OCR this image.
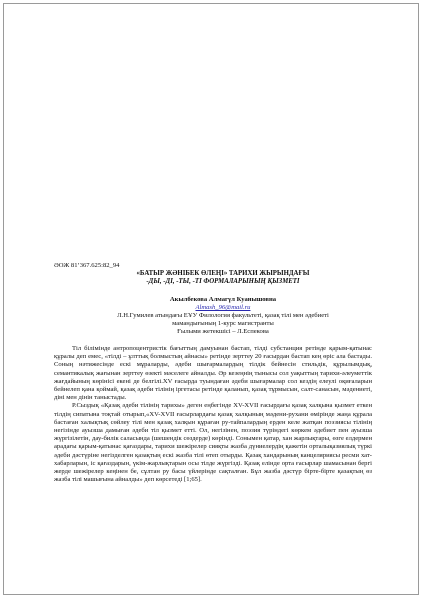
ӘОЖ 81’367.625:82_94
«БАТЫР ЖӘНІБЕК ӨЛЕҢІ» ТАРИХИ ЖЫРЫНДАҒЫ
-ДЫ, -ДІ, -ТЫ, -ТІ ФОРМАЛАРЫНЫҢ ҚЫЗМЕТІ
Акылбекова Алмагүл Куанышовна
Almash_96@mail.ru
Л.Н.Гумилев атындағы ЕҰУ Филология факультеті, қазақ тілі мен әдебиеті
мамандығының 1-курс магистранты
Ғылыми жетекшісі – Л.Еспекова

Тіл білімінде антропоцентристік бағыттың дамуынан бастап, тілді субстанция ретінде қарым-қатынас құралы деп емес, «тілді – ұлттық болмыстың айнасы» ретінде зерттеу 20 ғасырдан бастап кең өріс ала бастады. Соның нәтижесінде ескі мұраларды, әдеби шығармалардың тілдік бейнесін стильдік, құрылымдық, семантикалық жағынан зерттеу өзекті мәселеге айналды. Әр кезеңнің тынысы сол уақыттың тарихи-әлеуметтік жағдайының көрінісі екені де белгілі.XV ғасырда туындаған әдеби шығармалар сол кездің елеулі оқиғаларын бейнелеп қана қоймай, қазақ әдеби тілінің іргетасы ретінде қаланып, қазақ тұрмысын, салт-санасын, мәдениеті, діні мен дінін таныстады.

Р.Сыздық «Қазақ әдеби тілінің тарихы» деген еңбегінде XV-XVII ғасырдағы қазақ халқына қызмет еткен тілдің сипатына тоқтай отырып,«XV-XVII ғасырлардағы қазақ халқының мәдени-рухани өмірінде жаңа құрала бастаған халықтық сөйлеу тілі мен қазақ халқын құраған ру-тайпалардың ерден келе жатқан поэзиясы тілінің негізінде ауызша дамыған әдеби тіл қызмет етті. Ол, негізінен, поэзия түріндегі көркем әдебиет пен ауызша жүргізілетін, дау-билік саласында (шешендік сөздерде) көрінді. Сонымен қатар, хан жарлықтары, өзге елдермен арадағы қарым-қатынас қағаздары, тарихи шежірелер сияқты жазба дүниелердің қажетін орталықазиялық түркі әдеби дәстүріне негізделген қазақтың ескі жазба тілі өтеп отырды. Қазақ хандарының канцеляриясы ресми хат-хабарларын, іс қағаздарын, үкім-жарлықтарын осы тілде жүргізді. Қазақ елінде орта ғасырлар шамасынан бергі жерде шежірелер кеңінен бе, сұлтан ру басы үйлерінде сақталған. Бұл жазба дәстүр біртe-біртe қазақтың өз жазба тілі машығына айналды» деп көрсетеді [1;65].
